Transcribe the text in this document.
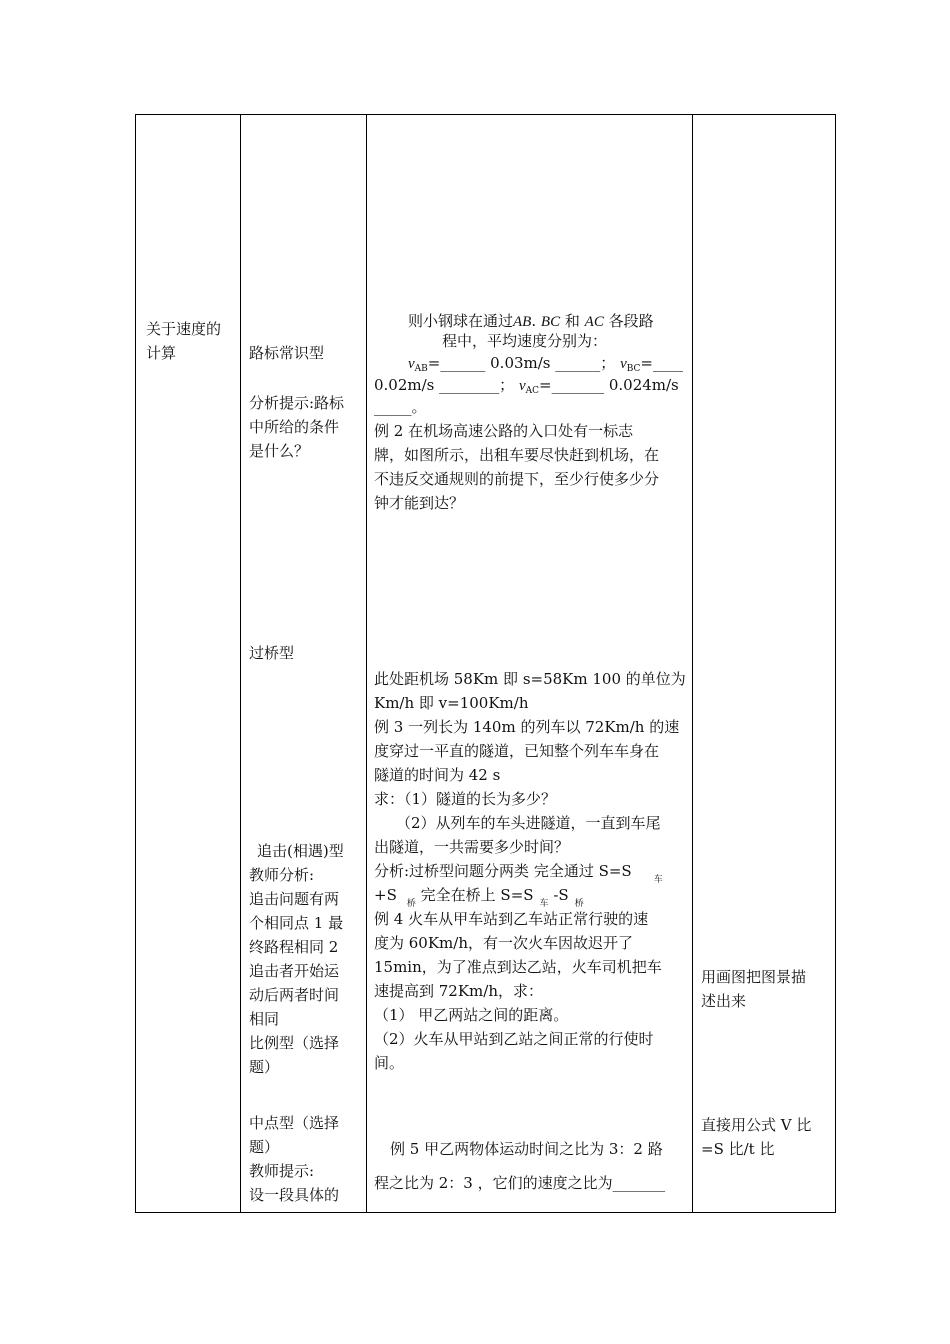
关于速度的
计算	路标常识型
分析提示:路标
中所给的条件
是什么？
过桥型
追击(相遇)型
教师分析:
追击问题有两
个相同点 1 最
终路程相同 2
追击者开始运
动后两者时间
相同
比例型（选择
题）
中点型（选择
题）
教师提示:
设一段具体的
则小钢球在通过AB. BC 和 AC 各段路
程中，平均速度分别为：
$v_{AB}=\_\_\_\_\_\_$ 0.03m/s ______； $v_{BC}=\_\_\_\_$
0.02m/s ________； $v_{AC}=\_\_\_\_\_\_\_$ 0.024m/s
_____。
例 2 在机场高速公路的入口处有一标志
牌，如图所示，出租车要尽快赶到机场，在
不违反交通规则的前提下，至少行使多少分
钟才能到达？
此处距机场 58Km 即 s=58Km 100 的单位为
Km/h 即 v=100Km/h
例 3 一列长为 140m 的列车以 72Km/h 的速
度穿过一平直的隧道，已知整个列车车身在
隧道的时间为 42 s
求：（1）隧道的长为多少？
（2）从列车的车头进隧道，一直到车尾
出隧道，一共需要多少时间？
分析:过桥型问题分两类 完全通过 S=S $_车$
+S $_桥$ 完全在桥上 S=S $_车$ -S $_桥$
例 4 火车从甲车站到乙车站正常行驶的速
度为 60Km/h，有一次火车因故迟开了
15min，为了准点到达乙站，火车司机把车
速提高到 72Km/h，求：
（1） 甲乙两站之间的距离。
（2）火车从甲站到乙站之间正常的行使时
间。
例 5 甲乙两物体运动时间之比为 3：2 路
程之比为 2：3 ，它们的速度之比为_______
用画图把图景描
述出来
直接用公式 V 比
=S 比/t 比
